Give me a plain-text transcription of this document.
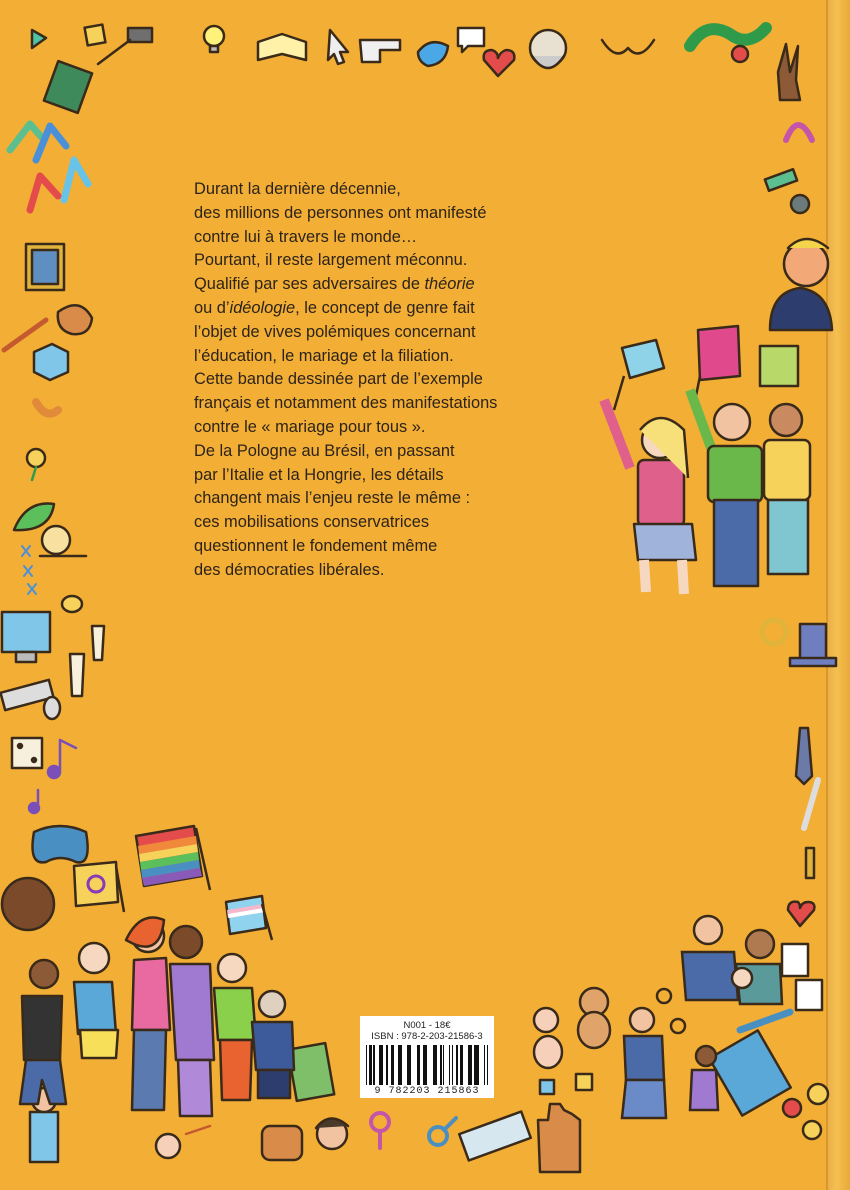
Durant la dernière décennie,

des millions de personnes ont manifesté

contre lui à travers le monde…

Pourtant, il reste largement méconnu.

Qualifié par ses adversaires de théorie

ou d’idéologie, le concept de genre fait

l’objet de vives polémiques concernant

l’éducation, le mariage et la filiation.

Cette bande dessinée part de l’exemple

français et notamment des manifestations

contre le « mariage pour tous ».

De la Pologne au Brésil, en passant

par l’Italie et la Hongrie, les détails

changent mais l’enjeu reste le même :

ces mobilisations conservatrices

questionnent le fondement même

des démocraties libérales.

N001 - 18€
ISBN : 978-2-203-21586-3
9 782203 215863
